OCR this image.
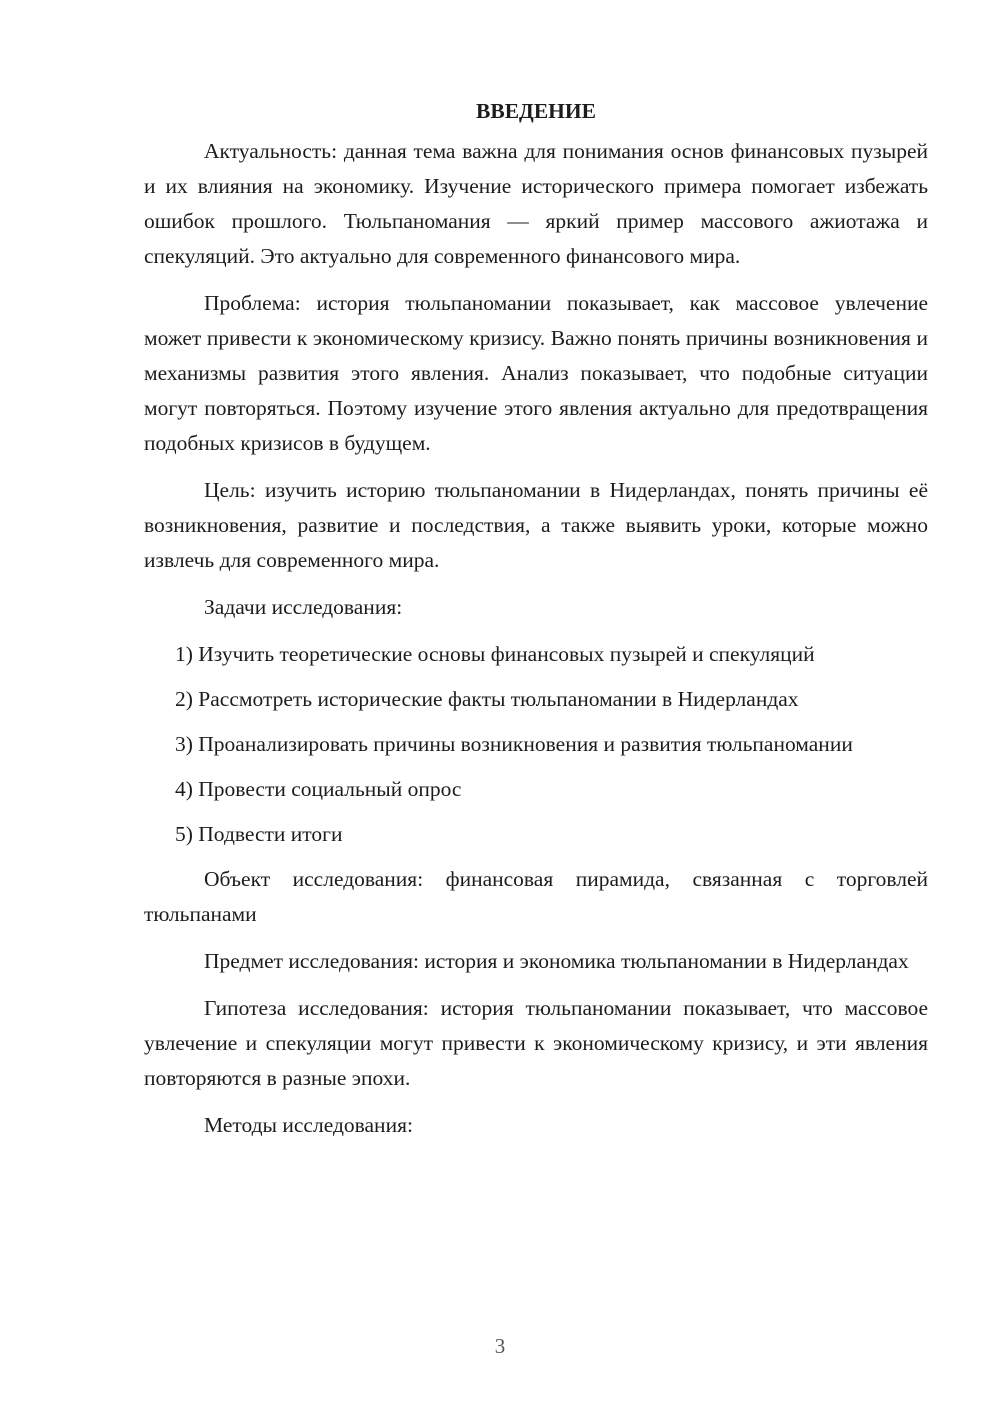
ВВЕДЕНИЕ

Актуальность: данная тема важна для понимания основ финансовых пузырей и их влияния на экономику. Изучение исторического примера помогает избежать ошибок прошлого. Тюльпаномания — яркий пример массового ажиотажа и спекуляций. Это актуально для современного финансового мира.

Проблема: история тюльпаномании показывает, как массовое увлечение может привести к экономическому кризису. Важно понять причины возникновения и механизмы развития этого явления. Анализ показывает, что подобные ситуации могут повторяться. Поэтому изучение этого явления актуально для предотвращения подобных кризисов в будущем.

Цель: изучить историю тюльпаномании в Нидерландах, понять причины её возникновения, развитие и последствия, а также выявить уроки, которые можно извлечь для современного мира.

Задачи исследования:

1) Изучить теоретические основы финансовых пузырей и спекуляций

2) Рассмотреть исторические факты тюльпаномании в Нидерландах

3) Проанализировать причины возникновения и развития тюльпаномании

4) Провести социальный опрос

5) Подвести итоги

Объект исследования: финансовая пирамида, связанная с торговлей тюльпанами

Предмет исследования: история и экономика тюльпаномании в Нидерландах

Гипотеза исследования: история тюльпаномании показывает, что массовое увлечение и спекуляции могут привести к экономическому кризису, и эти явления повторяются в разные эпохи.

Методы исследования:

3
